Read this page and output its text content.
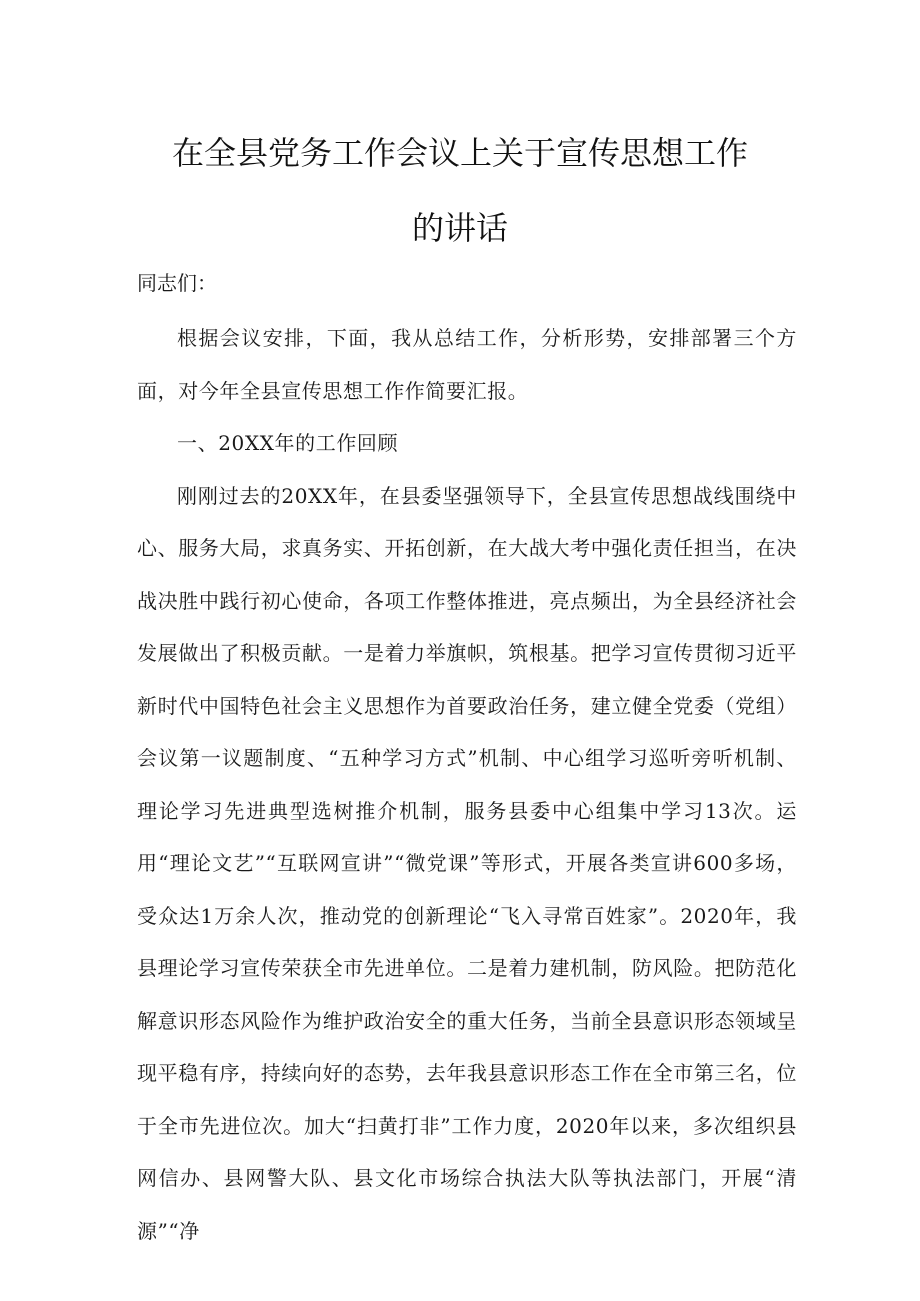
在全县党务工作会议上关于宣传思想工作
的讲话
同志们：

根据会议安排，下面，我从总结工作，分析形势，安排部署三个方面，对今年全县宣传思想工作作简要汇报。

一、20XX年的工作回顾

刚刚过去的20XX年，在县委坚强领导下，全县宣传思想战线围绕中心、服务大局，求真务实、开拓创新，在大战大考中强化责任担当，在决战决胜中践行初心使命，各项工作整体推进，亮点频出，为全县经济社会发展做出了积极贡献。一是着力举旗帜，筑根基。把学习宣传贯彻习近平新时代中国特色社会主义思想作为首要政治任务，建立健全党委（党组）会议第一议题制度、“五种学习方式”机制、中心组学习巡听旁听机制、理论学习先进典型选树推介机制，服务县委中心组集中学习13次。运用“理论文艺”“互联网宣讲”“微党课”等形式，开展各类宣讲600多场，受众达1万余人次，推动党的创新理论“飞入寻常百姓家”。2020年，我县理论学习宣传荣获全市先进单位。二是着力建机制，防风险。把防范化解意识形态风险作为维护政治安全的重大任务，当前全县意识形态领域呈现平稳有序，持续向好的态势，去年我县意识形态工作在全市第三名，位于全市先进位次。加大“扫黄打非”工作力度，2020年以来，多次组织县网信办、县网警大队、县文化市场综合执法大队等执法部门，开展“清源”“净
